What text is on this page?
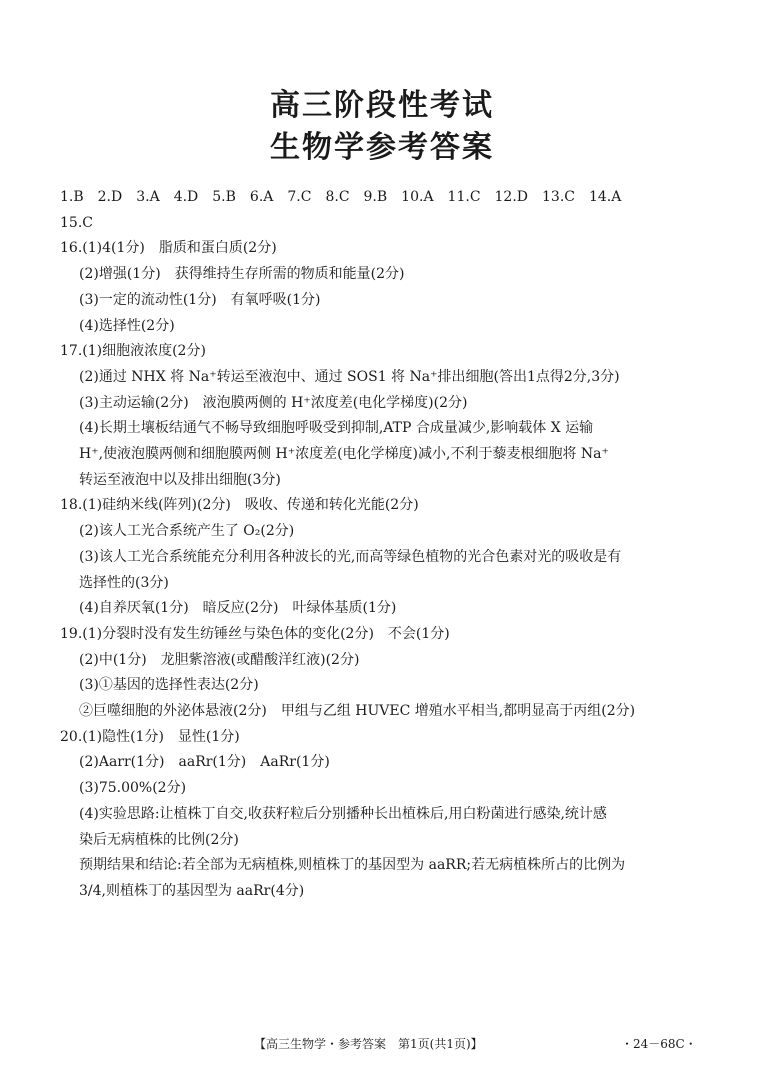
高三阶段性考试
生物学参考答案
1.B　2.D　3.A　4.D　5.B　6.A　7.C　8.C　9.B　10.A　11.C　12.D　13.C　14.A
15.C
16.(1)4(1分)　脂质和蛋白质(2分)
(2)增强(1分)　获得维持生存所需的物质和能量(2分)
(3)一定的流动性(1分)　有氧呼吸(1分)
(4)选择性(2分)
17.(1)细胞液浓度(2分)
(2)通过 NHX 将 Na⁺转运至液泡中、通过 SOS1 将 Na⁺排出细胞(答出1点得2分,3分)
(3)主动运输(2分)　液泡膜两侧的 H⁺浓度差(电化学梯度)(2分)
(4)长期土壤板结通气不畅导致细胞呼吸受到抑制,ATP 合成量减少,影响载体 X 运输
H⁺,使液泡膜两侧和细胞膜两侧 H⁺浓度差(电化学梯度)减小,不利于藜麦根细胞将 Na⁺
转运至液泡中以及排出细胞(3分)
18.(1)硅纳米线(阵列)(2分)　吸收、传递和转化光能(2分)
(2)该人工光合系统产生了 O₂(2分)
(3)该人工光合系统能充分利用各种波长的光,而高等绿色植物的光合色素对光的吸收是有
选择性的(3分)
(4)自养厌氧(1分)　暗反应(2分)　叶绿体基质(1分)
19.(1)分裂时没有发生纺锤丝与染色体的变化(2分)　不会(1分)
(2)中(1分)　龙胆紫溶液(或醋酸洋红液)(2分)
(3)①基因的选择性表达(2分)
②巨噬细胞的外泌体悬液(2分)　甲组与乙组 HUVEC 增殖水平相当,都明显高于丙组(2分)
20.(1)隐性(1分)　显性(1分)
(2)Aarr(1分)　aaRr(1分)　AaRr(1分)
(3)75.00%(2分)
(4)实验思路:让植株丁自交,收获籽粒后分别播种长出植株后,用白粉菌进行感染,统计感
染后无病植株的比例(2分)
预期结果和结论:若全部为无病植株,则植株丁的基因型为 aaRR;若无病植株所占的比例为
3/4,则植株丁的基因型为 aaRr(4分)
【高三生物学・参考答案　第1页(共1页)】	・24－68C・
